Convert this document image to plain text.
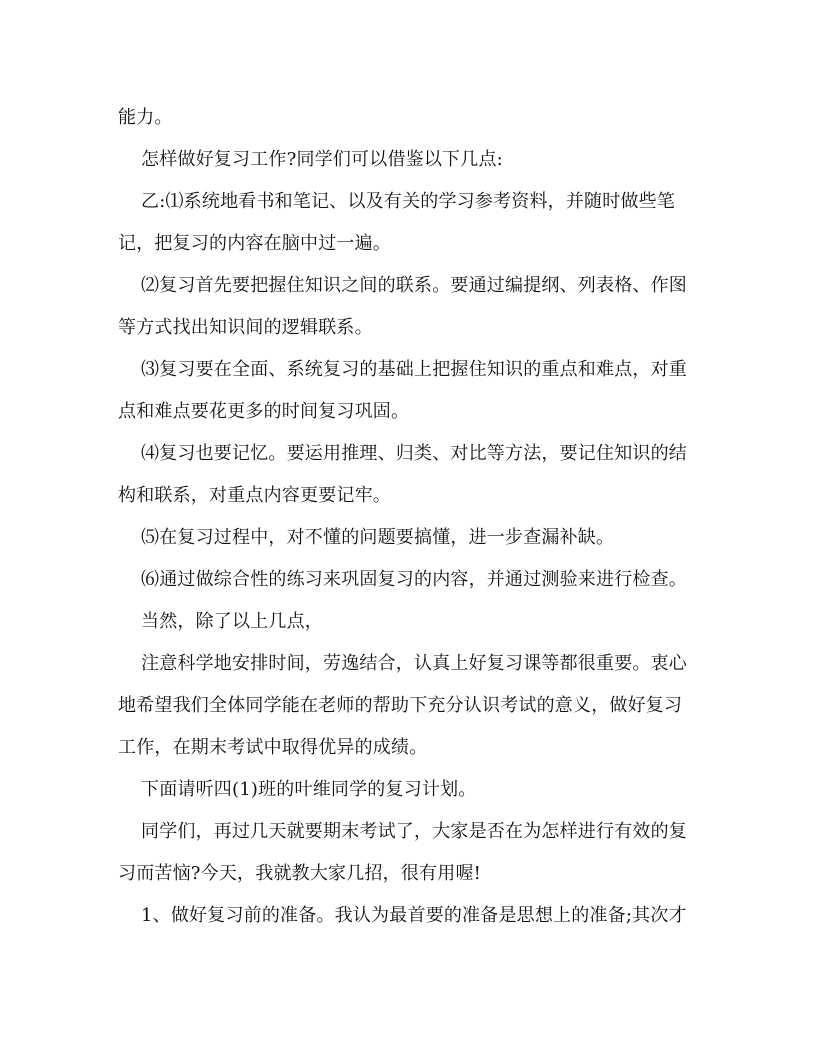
能力。
怎样做好复习工作?同学们可以借鉴以下几点:
乙:⑴系统地看书和笔记、以及有关的学习参考资料，并随时做些笔
记，把复习的内容在脑中过一遍。
⑵复习首先要把握住知识之间的联系。要通过编提纲、列表格、作图
等方式找出知识间的逻辑联系。
⑶复习要在全面、系统复习的基础上把握住知识的重点和难点，对重
点和难点要花更多的时间复习巩固。
⑷复习也要记忆。要运用推理、归类、对比等方法，要记住知识的结
构和联系，对重点内容更要记牢。
⑸在复习过程中，对不懂的问题要搞懂，进一步查漏补缺。
⑹通过做综合性的练习来巩固复习的内容，并通过测验来进行检查。
当然，除了以上几点，
注意科学地安排时间，劳逸结合，认真上好复习课等都很重要。衷心
地希望我们全体同学能在老师的帮助下充分认识考试的意义，做好复习
工作，在期末考试中取得优异的成绩。
下面请听四(1)班的叶维同学的复习计划。
同学们，再过几天就要期末考试了，大家是否在为怎样进行有效的复
习而苦恼?今天，我就教大家几招，很有用喔!
1、做好复习前的准备。我认为最首要的准备是思想上的准备;其次才
